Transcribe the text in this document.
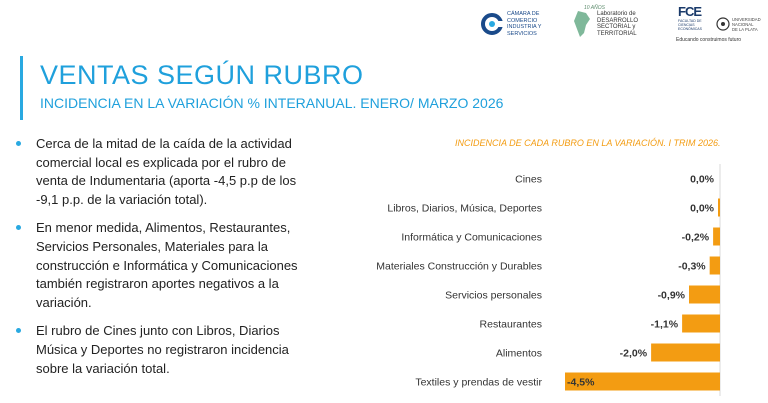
VENTAS SEGÚN RUBRO
INCIDENCIA EN LA VARIACIÓN % INTERANUAL. ENERO/ MARZO 2026
CÁMARA DE COMERCIO INDUSTRIA Y SERVICIOS
10 AÑOS
Laboratorio de DESARROLLO SECTORIAL y TERRITORIAL
FCE
FACULTAD DE CIENCIAS ECONÓMICAS
UNIVERSIDAD NACIONAL DE LA PLATA
Educando construimos futuro
Cerca de la mitad de la caída de la actividad comercial local es explicada por el rubro de venta de Indumentaria (aporta -4,5 p.p de los -9,1 p.p. de la variación total).
En menor medida, Alimentos, Restaurantes, Servicios Personales, Materiales para la construcción e Informática y Comunicaciones también registraron aportes negativos a la variación.
El rubro de Cines junto con Libros, Diarios Música y Deportes no registraron incidencia sobre la variación total.
INCIDENCIA DE CADA RUBRO EN LA VARIACIÓN. I TRIM 2026.
Cines	0,0%
Libros, Diarios, Música, Deportes	0,0%
Informática y Comunicaciones	-0,2%
Materiales Construcción y Durables	-0,3%
Servicios personales	-0,9%
Restaurantes	-1,1%
Alimentos	-2,0%
Textiles y prendas de vestir -4,5%
